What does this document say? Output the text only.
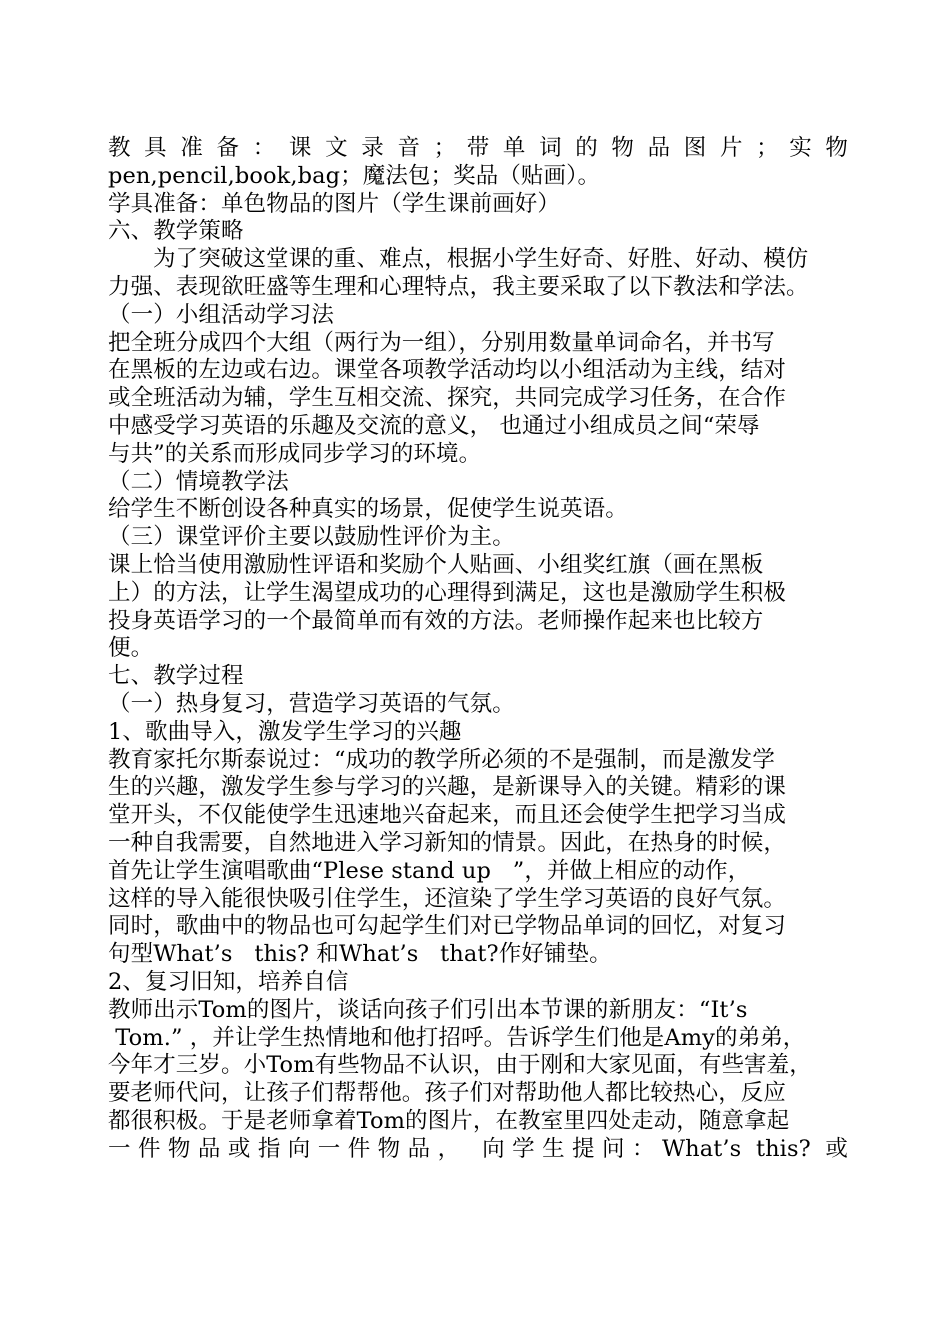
教 具 准 备 ： 课 文 录 音 ； 带 单 词 的 物 品 图 片 ； 实 物
pen,pencil,book,bag；魔法包；奖品（贴画）。
学具准备：单色物品的图片（学生课前画好）
六、教学策略
为了突破这堂课的重、难点，根据小学生好奇、好胜、好动、模仿
力强、表现欲旺盛等生理和心理特点，我主要采取了以下教法和学法。
（一）小组活动学习法
把全班分成四个大组（两行为一组），分别用数量单词命名，并书写
在黑板的左边或右边。课堂各项教学活动均以小组活动为主线，结对
或全班活动为辅，学生互相交流、探究，共同完成学习任务，在合作
中感受学习英语的乐趣及交流的意义， 也通过小组成员之间“荣辱
与共”的关系而形成同步学习的环境。
（二）情境教学法
给学生不断创设各种真实的场景，促使学生说英语。
（三）课堂评价主要以鼓励性评价为主。
课上恰当使用激励性评语和奖励个人贴画、小组奖红旗（画在黑板
上）的方法，让学生渴望成功的心理得到满足，这也是激励学生积极
投身英语学习的一个最简单而有效的方法。老师操作起来也比较方
便。
七、教学过程
（一）热身复习，营造学习英语的气氛。
1、歌曲导入，激发学生学习的兴趣
教育家托尔斯泰说过：“成功的教学所必须的不是强制，而是激发学
生的兴趣，激发学生参与学习的兴趣，是新课导入的关键。精彩的课
堂开头，不仅能使学生迅速地兴奋起来，而且还会使学生把学习当成
一种自我需要，自然地进入学习新知的情景。因此，在热身的时候，
首先让学生演唱歌曲“Plese stand up   ”，并做上相应的动作，
这样的导入能很快吸引住学生，还渲染了学生学习英语的良好气氛。
同时，歌曲中的物品也可勾起学生们对已学物品单词的回忆，对复习
句型What’s   this? 和What’s   that?作好铺垫。
2、复习旧知，培养自信
教师出示Tom的图片，谈话向孩子们引出本节课的新朋友：“It’s
Tom.” ，并让学生热情地和他打招呼。告诉学生们他是Amy的弟弟，
今年才三岁。小Tom有些物品不认识，由于刚和大家见面，有些害羞，
要老师代问，让孩子们帮帮他。孩子们对帮助他人都比较热心，反应
都很积极。于是老师拿着Tom的图片，在教室里四处走动，随意拿起
一件物品或指向一件物品， 向学生提问：What’s this? 或
